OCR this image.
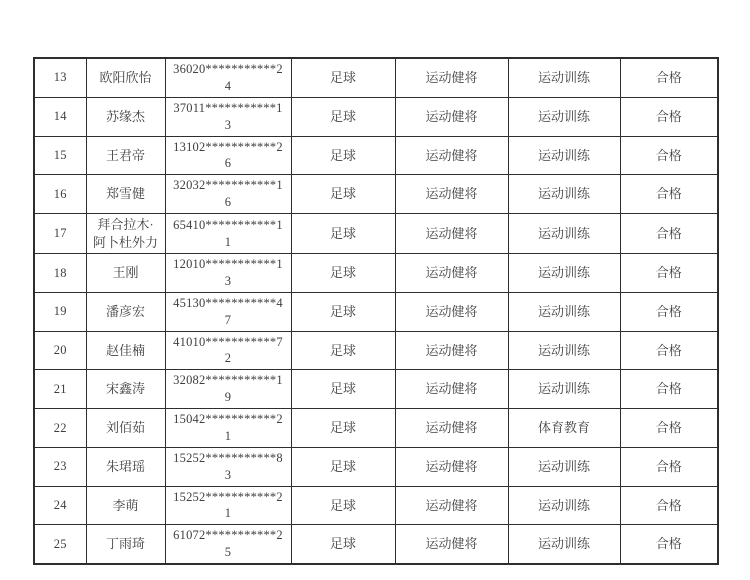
13	欧阳欣怡	36020***********24	足球	运动健将	运动训练	合格
14	苏缘杰	37011***********13	足球	运动健将	运动训练	合格
15	王君帝	13102***********26	足球	运动健将	运动训练	合格
16	郑雪健	32032***********16	足球	运动健将	运动训练	合格
17	拜合拉木·阿卜杜外力	65410***********11	足球	运动健将	运动训练	合格
18	王刚	12010***********13	足球	运动健将	运动训练	合格
19	潘彦宏	45130***********47	足球	运动健将	运动训练	合格
20	赵佳楠	41010***********72	足球	运动健将	运动训练	合格
21	宋鑫涛	32082***********19	足球	运动健将	运动训练	合格
22	刘佰茹	15042***********21	足球	运动健将	体育教育	合格
23	朱珺瑶	15252***********83	足球	运动健将	运动训练	合格
24	李萌	15252***********21	足球	运动健将	运动训练	合格
25	丁雨琦	61072***********25	足球	运动健将	运动训练	合格
